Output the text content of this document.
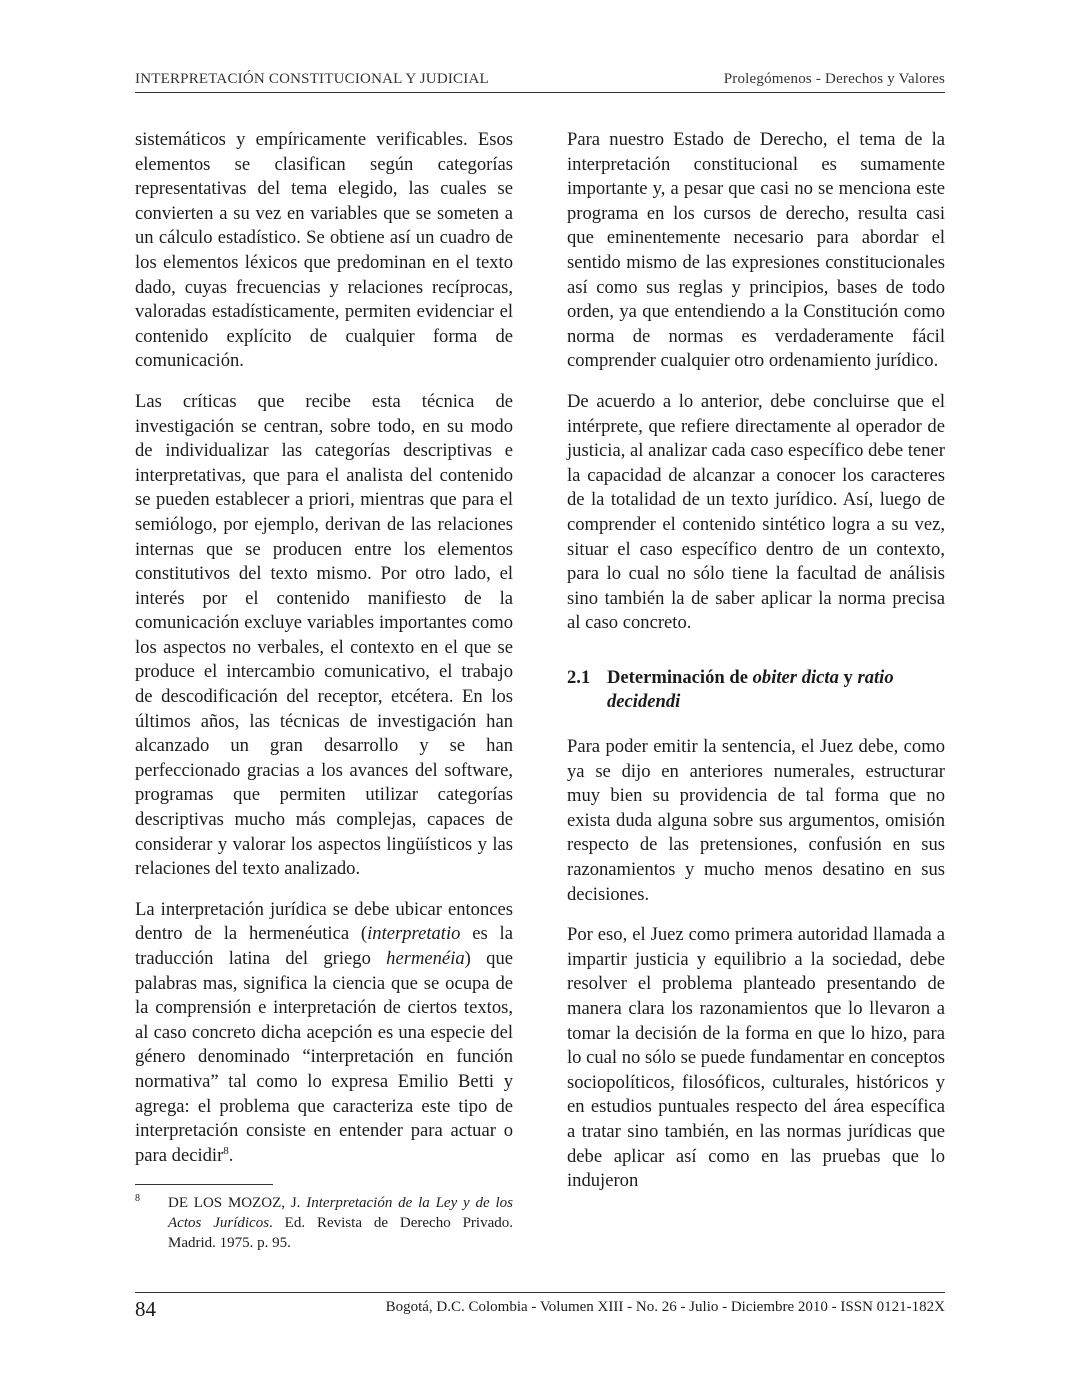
INTERPRETACIÓN CONSTITUCIONAL Y JUDICIAL	Prolegómenos - Derechos y Valores

sistemáticos y empíricamente verificables. Esos elementos se clasifican según categorías representativas del tema elegido, las cuales se convierten a su vez en variables que se someten a un cálculo estadístico. Se obtiene así un cuadro de los elementos léxicos que predominan en el texto dado, cuyas frecuencias y relaciones recíprocas, valoradas estadísticamente, permiten evidenciar el contenido explícito de cualquier forma de comunicación.

Las críticas que recibe esta técnica de investigación se centran, sobre todo, en su modo de individualizar las categorías descriptivas e interpretativas, que para el analista del contenido se pueden establecer a priori, mientras que para el semiólogo, por ejemplo, derivan de las relaciones internas que se producen entre los elementos constitutivos del texto mismo. Por otro lado, el interés por el contenido manifiesto de la comunicación excluye variables importantes como los aspectos no verbales, el contexto en el que se produce el intercambio comunicativo, el trabajo de descodificación del receptor, etcétera. En los últimos años, las técnicas de investigación han alcanzado un gran desarrollo y se han perfeccionado gracias a los avances del software, programas que permiten utilizar categorías descriptivas mucho más complejas, capaces de considerar y valorar los aspectos lingüísticos y las relaciones del texto analizado.

La interpretación jurídica se debe ubicar entonces dentro de la hermenéutica (interpretatio es la traducción latina del griego hermenéia) que palabras mas, significa la ciencia que se ocupa de la comprensión e interpretación de ciertos textos, al caso concreto dicha acepción es una especie del género denominado “interpretación en función normativa” tal como lo expresa Emilio Betti y agrega: el problema que caracteriza este tipo de interpretación consiste en entender para actuar o para decidir$^8$.

8	DE LOS MOZOZ, J. Interpretación de la Ley y de los Actos Jurídicos. Ed. Revista de Derecho Privado. Madrid. 1975. p. 95.

Para nuestro Estado de Derecho, el tema de la interpretación constitucional es sumamente importante y, a pesar que casi no se menciona este programa en los cursos de derecho, resulta casi que eminentemente necesario para abordar el sentido mismo de las expresiones constitucionales así como sus reglas y principios, bases de todo orden, ya que entendiendo a la Constitución como norma de normas es verdaderamente fácil comprender cualquier otro ordenamiento jurídico.

De acuerdo a lo anterior, debe concluirse que el intérprete, que refiere directamente al operador de justicia, al analizar cada caso específico debe tener la capacidad de alcanzar a conocer los caracteres de la totalidad de un texto jurídico. Así, luego de comprender el contenido sintético logra a su vez, situar el caso específico dentro de un contexto, para lo cual no sólo tiene la facultad de análisis sino también la de saber aplicar la norma precisa al caso concreto.

2.1 Determinación de obiter dicta y ratio decidendi

Para poder emitir la sentencia, el Juez debe, como ya se dijo en anteriores numerales, estructurar muy bien su providencia de tal forma que no exista duda alguna sobre sus argumentos, omisión respecto de las pretensiones, confusión en sus razonamientos y mucho menos desatino en sus decisiones.

Por eso, el Juez como primera autoridad llamada a impartir justicia y equilibrio a la sociedad, debe resolver el problema planteado presentando de manera clara los razonamientos que lo llevaron a tomar la decisión de la forma en que lo hizo, para lo cual no sólo se puede fundamentar en conceptos sociopolíticos, filosóficos, culturales, históricos y en estudios puntuales respecto del área específica a tratar sino también, en las normas jurídicas que debe aplicar así como en las pruebas que lo indujeron

84	Bogotá, D.C. Colombia - Volumen XIII - No. 26 - Julio - Diciembre 2010 - ISSN 0121-182X
